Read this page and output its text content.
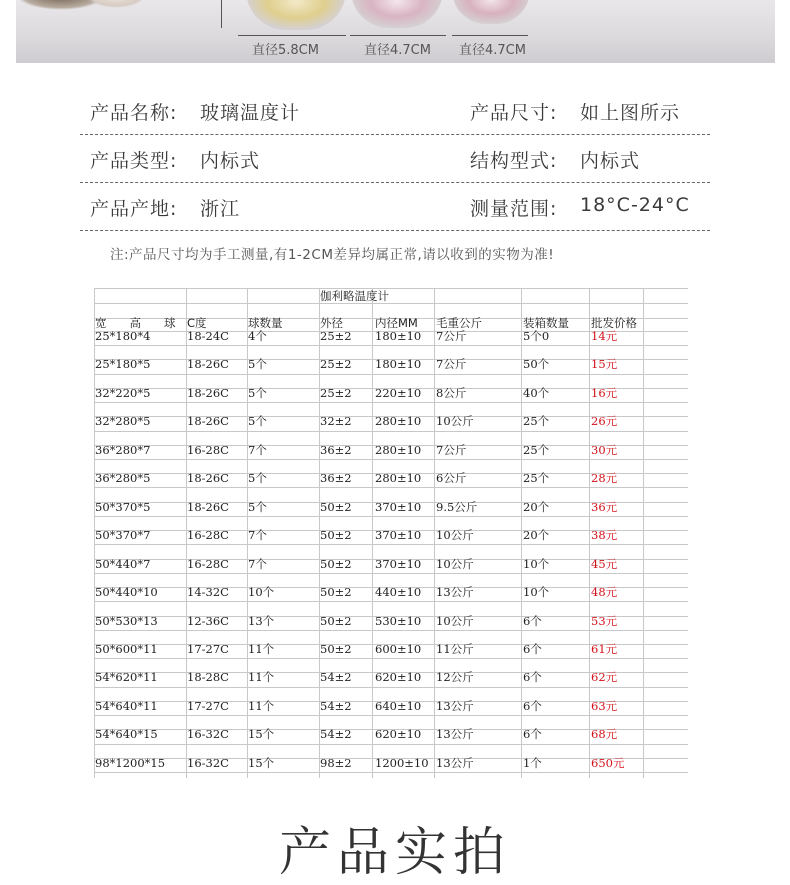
直径5.8CM	直径4.7CM 直径4.7CM
产品名称: 玻璃温度计	产品尺寸: 如上图所示
产品类型: 内标式	结构型式: 内标式
产品产地: 浙江	测量范围: 18°C-24°C
注:产品尺寸均为手工测量,有1-2CM差异均属正常,请以收到的实物为准!
伽利略温度计
宽　　高　　球 C度	球数量	外径	内径MM 毛重公斤	装箱数量 批发价格
25*180*4	18-24C 4个	25±2 180±10 7公斤	5个0	14元
25*180*5	18-26C 5个	25±2 180±10 7公斤	50个	15元
32*220*5	18-26C 5个	25±2 220±10 8公斤	40个	16元
32*280*5	18-26C 5个	32±2 280±10 10公斤	25个	26元
36*280*7	16-28C 7个	36±2 280±10 7公斤	25个	30元
36*280*5	18-26C 5个	36±2 280±10 6公斤	25个	28元
50*370*5	18-26C 5个	50±2 370±10 9.5公斤	20个	36元
50*370*7	16-28C 7个	50±2 370±10 10公斤	20个	38元
50*440*7	16-28C 7个	50±2 370±10 10公斤	10个	45元
50*440*10	14-32C 10个	50±2 440±10 13公斤	10个	48元
50*530*13	12-36C 13个	50±2 530±10 10公斤	6个	53元
50*600*11	17-27C 11个	50±2 600±10 11公斤	6个	61元
54*620*11	18-28C 11个	54±2 620±10 12公斤	6个	62元
54*640*11	17-27C 11个	54±2 640±10 13公斤	6个	63元
54*640*15	16-32C 15个	54±2 620±10 13公斤	6个	68元
98*1200*15 16-32C 15个	98±2 1200±10 13公斤	1个	650元
产品实拍
